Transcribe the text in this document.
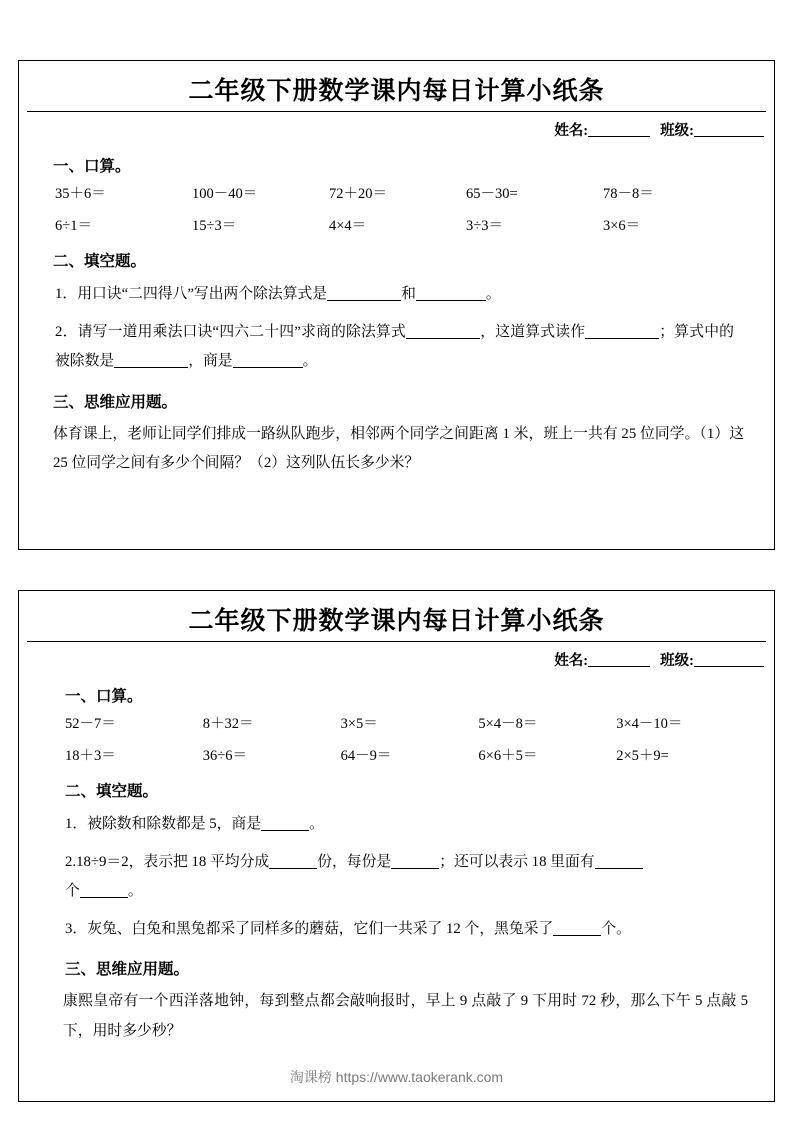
二年级下册数学课内每日计算小纸条
姓名:	班级:
一、口算。
35＋6＝	100－40＝	72＋20＝	65－30=	78－8＝
6÷1＝	15÷3＝	4×4＝	3÷3＝	3×6＝
二、填空题。
1．用口诀“二四得八”写出两个除法算式是	和	。
2．请写一道用乘法口诀“四六二十四”求商的除法算式	，这道算式读作	；算式中的被除数是	，商是	。
三、思维应用题。
体育课上，老师让同学们排成一路纵队跑步，相邻两个同学之间距离 1 米，班上一共有 25 位同学。（1）这 25 位同学之间有多少个间隔？（2）这列队伍长多少米？
二年级下册数学课内每日计算小纸条
姓名:	班级:
一、口算。
52－7＝	8＋32＝	3×5＝	5×4－8＝	3×4－10＝
18＋3＝	36÷6＝	64－9＝	6×6＋5＝	2×5＋9=
二、填空题。
1．被除数和除数都是 5，商是	。
2.18÷9＝2，表示把 18 平均分成	份，每份是	；还可以表示 18 里面有
个	。
3．灰兔、白兔和黑兔都采了同样多的蘑菇，它们一共采了 12 个，黑兔采了	个。
三、思维应用题。
康熙皇帝有一个西洋落地钟，每到整点都会敲响报时，早上 9 点敲了 9 下用时 72 秒，那么下午 5 点敲 5 下，用时多少秒？
淘课榜 https://www.taokerank.com
